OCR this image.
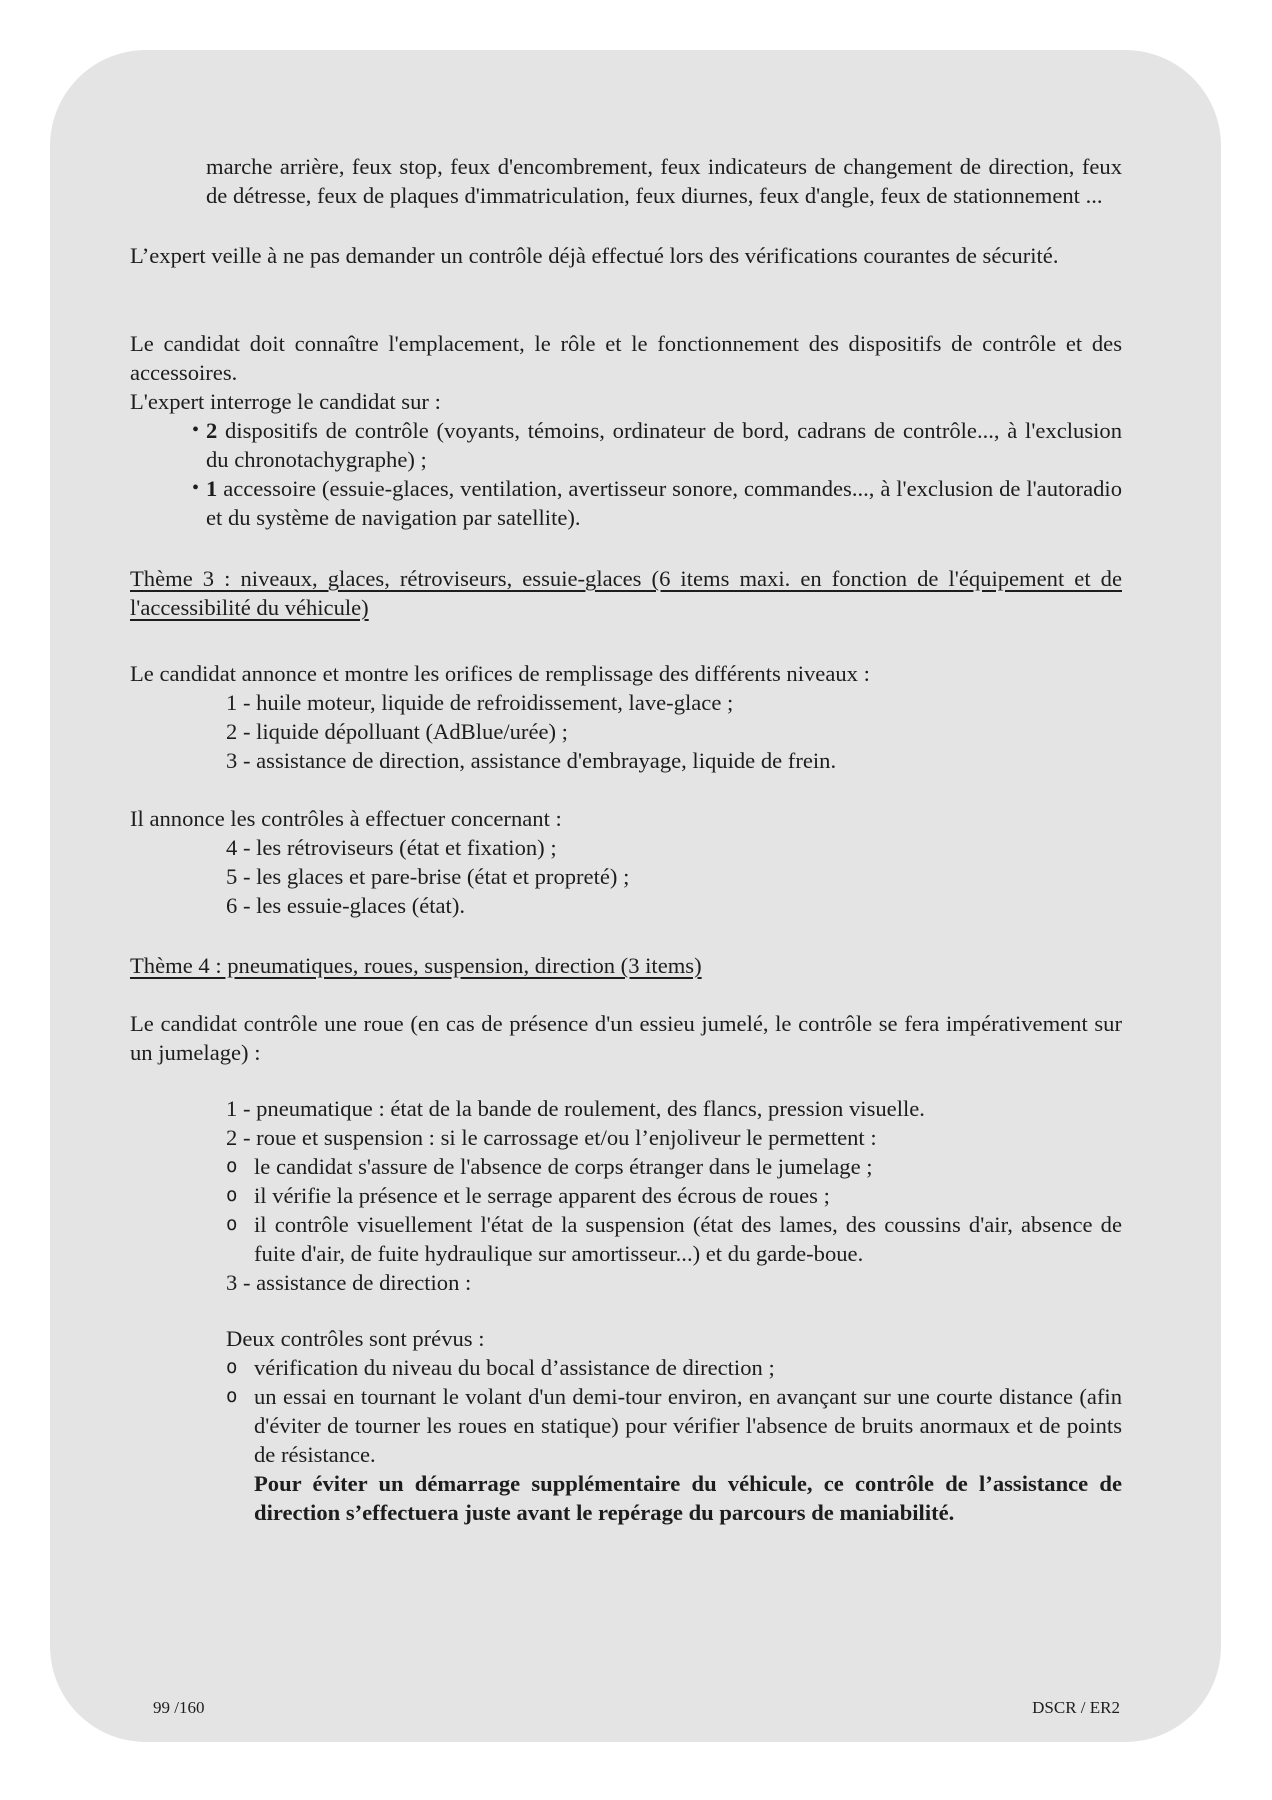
marche arrière, feux stop, feux d'encombrement, feux indicateurs de changement de direction, feux de détresse, feux de plaques d'immatriculation, feux diurnes, feux d'angle, feux de stationnement ...
L’expert veille à ne pas demander un contrôle déjà effectué lors des vérifications courantes de sécurité.
Le candidat doit connaître l'emplacement, le rôle et le fonctionnement des dispositifs de contrôle et des accessoires.
L'expert interroge le candidat sur :
• 2 dispositifs de contrôle (voyants, témoins, ordinateur de bord, cadrans de contrôle..., à l'exclusion du chronotachygraphe) ;
• 1 accessoire (essuie-glaces, ventilation, avertisseur sonore, commandes..., à l'exclusion de l'autoradio et du système de navigation par satellite).
Thème 3 : niveaux, glaces, rétroviseurs, essuie-glaces (6 items maxi. en fonction de l'équipement et de l'accessibilité du véhicule)
Le candidat annonce et montre les orifices de remplissage des différents niveaux :
1 - huile moteur, liquide de refroidissement, lave-glace ;
2 - liquide dépolluant (AdBlue/urée) ;
3 - assistance de direction, assistance d'embrayage, liquide de frein.
Il annonce les contrôles à effectuer concernant :
4 - les rétroviseurs (état et fixation) ;
5 - les glaces et pare-brise (état et propreté) ;
6 - les essuie-glaces (état).
Thème 4 : pneumatiques, roues, suspension, direction (3 items)
Le candidat contrôle une roue (en cas de présence d'un essieu jumelé, le contrôle se fera impérativement sur un jumelage) :
1 - pneumatique : état de la bande de roulement, des flancs, pression visuelle.
2 - roue et suspension : si le carrossage et/ou l’enjoliveur le permettent :
o le candidat s'assure de l'absence de corps étranger dans le jumelage ;
o il vérifie la présence et le serrage apparent des écrous de roues ;
o il contrôle visuellement l'état de la suspension (état des lames, des coussins d'air, absence de fuite d'air, de fuite hydraulique sur amortisseur...) et du garde-boue.
3 - assistance de direction :
Deux contrôles sont prévus :
o vérification du niveau du bocal d’assistance de direction ;
o un essai en tournant le volant d'un demi-tour environ, en avançant sur une courte distance (afin d'éviter de tourner les roues en statique) pour vérifier l'absence de bruits anormaux et de points de résistance.
Pour éviter un démarrage supplémentaire du véhicule, ce contrôle de l’assistance de direction s’effectuera juste avant le repérage du parcours de maniabilité.
99 /160	DSCR / ER2
